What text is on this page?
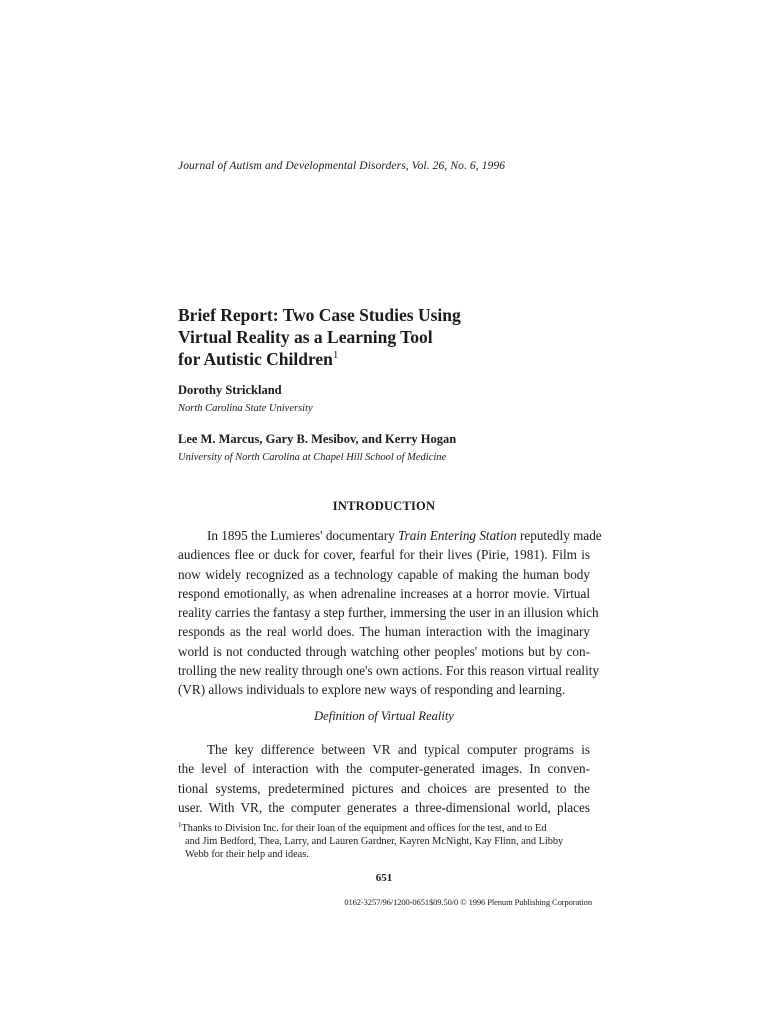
Journal of Autism and Developmental Disorders, Vol. 26, No. 6, 1996
Brief Report: Two Case Studies Using
Virtual Reality as a Learning Tool
for Autistic Children$^1$
Dorothy Strickland
North Carolina State University
Lee M. Marcus, Gary B. Mesibov, and Kerry Hogan
University of North Carolina at Chapel Hill School of Medicine
INTRODUCTION
In 1895 the Lumieres' documentary Train Entering Station reputedly made
audiences flee or duck for cover, fearful for their lives (Pirie, 1981). Film is
now widely recognized as a technology capable of making the human body
respond emotionally, as when adrenaline increases at a horror movie. Virtual
reality carries the fantasy a step further, immersing the user in an illusion which
responds as the real world does. The human interaction with the imaginary
world is not conducted through watching other peoples' motions but by con-
trolling the new reality through one's own actions. For this reason virtual reality
(VR) allows individuals to explore new ways of responding and learning.
Definition of Virtual Reality
The key difference between VR and typical computer programs is
the level of interaction with the computer-generated images. In conven-
tional systems, predetermined pictures and choices are presented to the
user. With VR, the computer generates a three-dimensional world, places
$^1$Thanks to Division Inc. for their loan of the equipment and offices for the test, and to Ed
and Jim Bedford, Thea, Larry, and Lauren Gardner, Kayren McNight, Kay Flinn, and Libby
Webb for their help and ideas.
651
0162-3257/96/1200-0651$09.50/0 © 1996 Plenum Publishing Corporation
